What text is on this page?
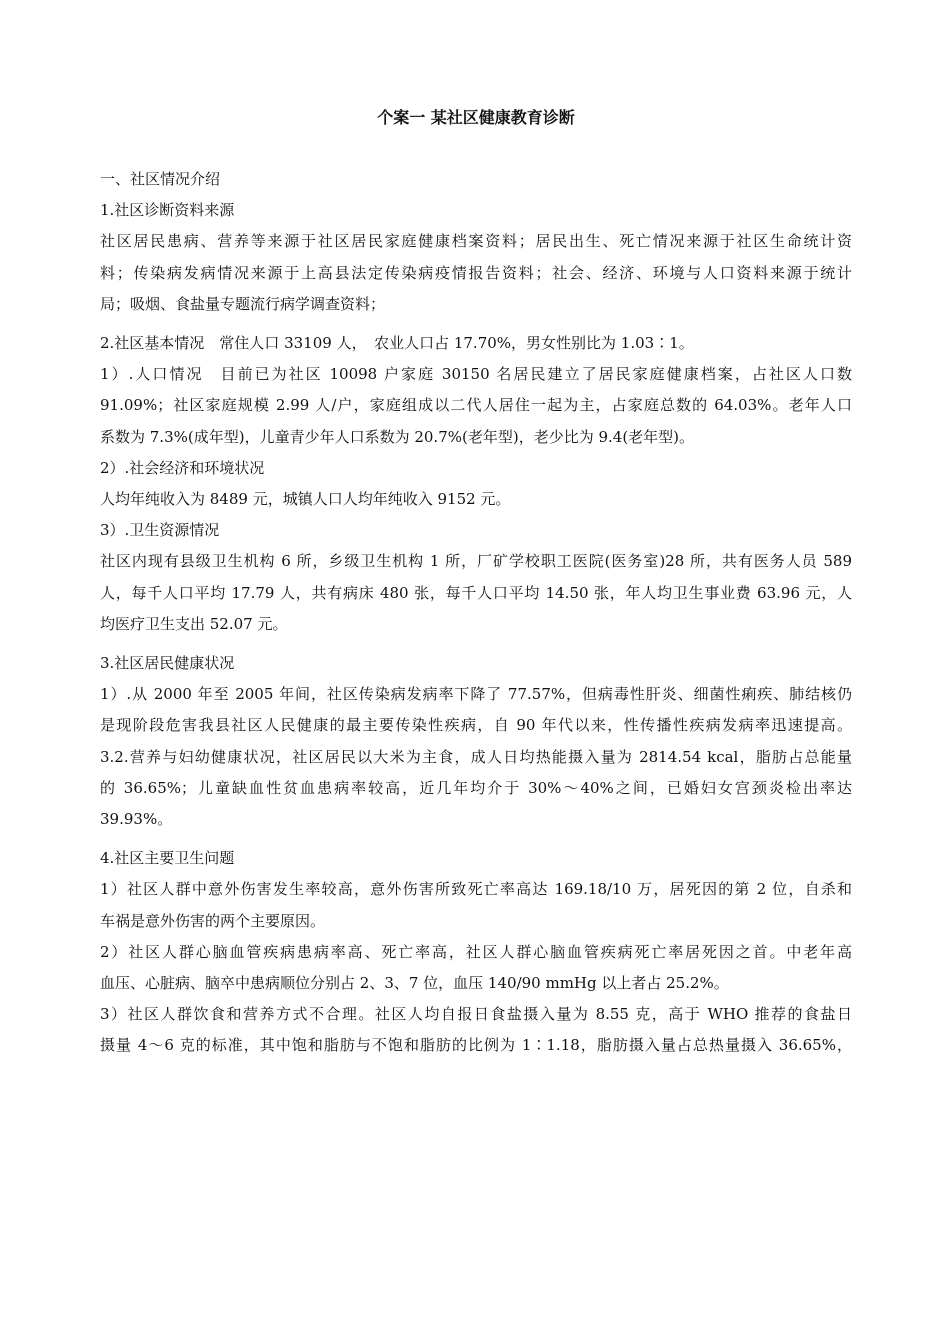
个案一 某社区健康教育诊断

一、社区情况介绍

1.社区诊断资料来源

社区居民患病、营养等来源于社区居民家庭健康档案资料；居民出生、死亡情况来源于社区生命统计资

料；传染病发病情况来源于上高县法定传染病疫情报告资料；社会、经济、环境与人口资料来源于统计

局；吸烟、食盐量专题流行病学调查资料；

2.社区基本情况　常住人口 33109 人，　农业人口占 17.70%，男女性别比为 1.03∶1。

1）.人口情况　目前已为社区 10098 户家庭 30150 名居民建立了居民家庭健康档案，占社区人口数

91.09%；社区家庭规模 2.99 人/户，家庭组成以二代人居住一起为主，占家庭总数的 64.03%。老年人口

系数为 7.3%(成年型)，儿童青少年人口系数为 20.7%(老年型)，老少比为 9.4(老年型)。

2）.社会经济和环境状况

人均年纯收入为 8489 元，城镇人口人均年纯收入 9152 元。

3）.卫生资源情况

社区内现有县级卫生机构 6 所，乡级卫生机构 1 所，厂矿学校职工医院(医务室)28 所，共有医务人员 589

人，每千人口平均 17.79 人，共有病床 480 张，每千人口平均 14.50 张，年人均卫生事业费 63.96 元，人

均医疗卫生支出 52.07 元。

3.社区居民健康状况

1）.从 2000 年至 2005 年间，社区传染病发病率下降了 77.57%，但病毒性肝炎、细菌性痢疾、肺结核仍

是现阶段危害我县社区人民健康的最主要传染性疾病，自 90 年代以来，性传播性疾病发病率迅速提高。

3.2.营养与妇幼健康状况，社区居民以大米为主食，成人日均热能摄入量为 2814.54 kcal，脂肪占总能量

的 36.65%；儿童缺血性贫血患病率较高，近几年均介于 30%～40%之间，已婚妇女宫颈炎检出率达

39.93%。

4.社区主要卫生问题

1）社区人群中意外伤害发生率较高，意外伤害所致死亡率高达 169.18/10 万，居死因的第 2 位，自杀和

车祸是意外伤害的两个主要原因。

2）社区人群心脑血管疾病患病率高、死亡率高，社区人群心脑血管疾病死亡率居死因之首。中老年高

血压、心脏病、脑卒中患病顺位分别占 2、3、7 位，血压 140/90 mmHg 以上者占 25.2%。

3）社区人群饮食和营养方式不合理。社区人均自报日食盐摄入量为 8.55 克，高于 WHO 推荐的食盐日

摄量 4～6 克的标准，其中饱和脂肪与不饱和脂肪的比例为 1∶1.18，脂肪摄入量占总热量摄入 36.65%，
